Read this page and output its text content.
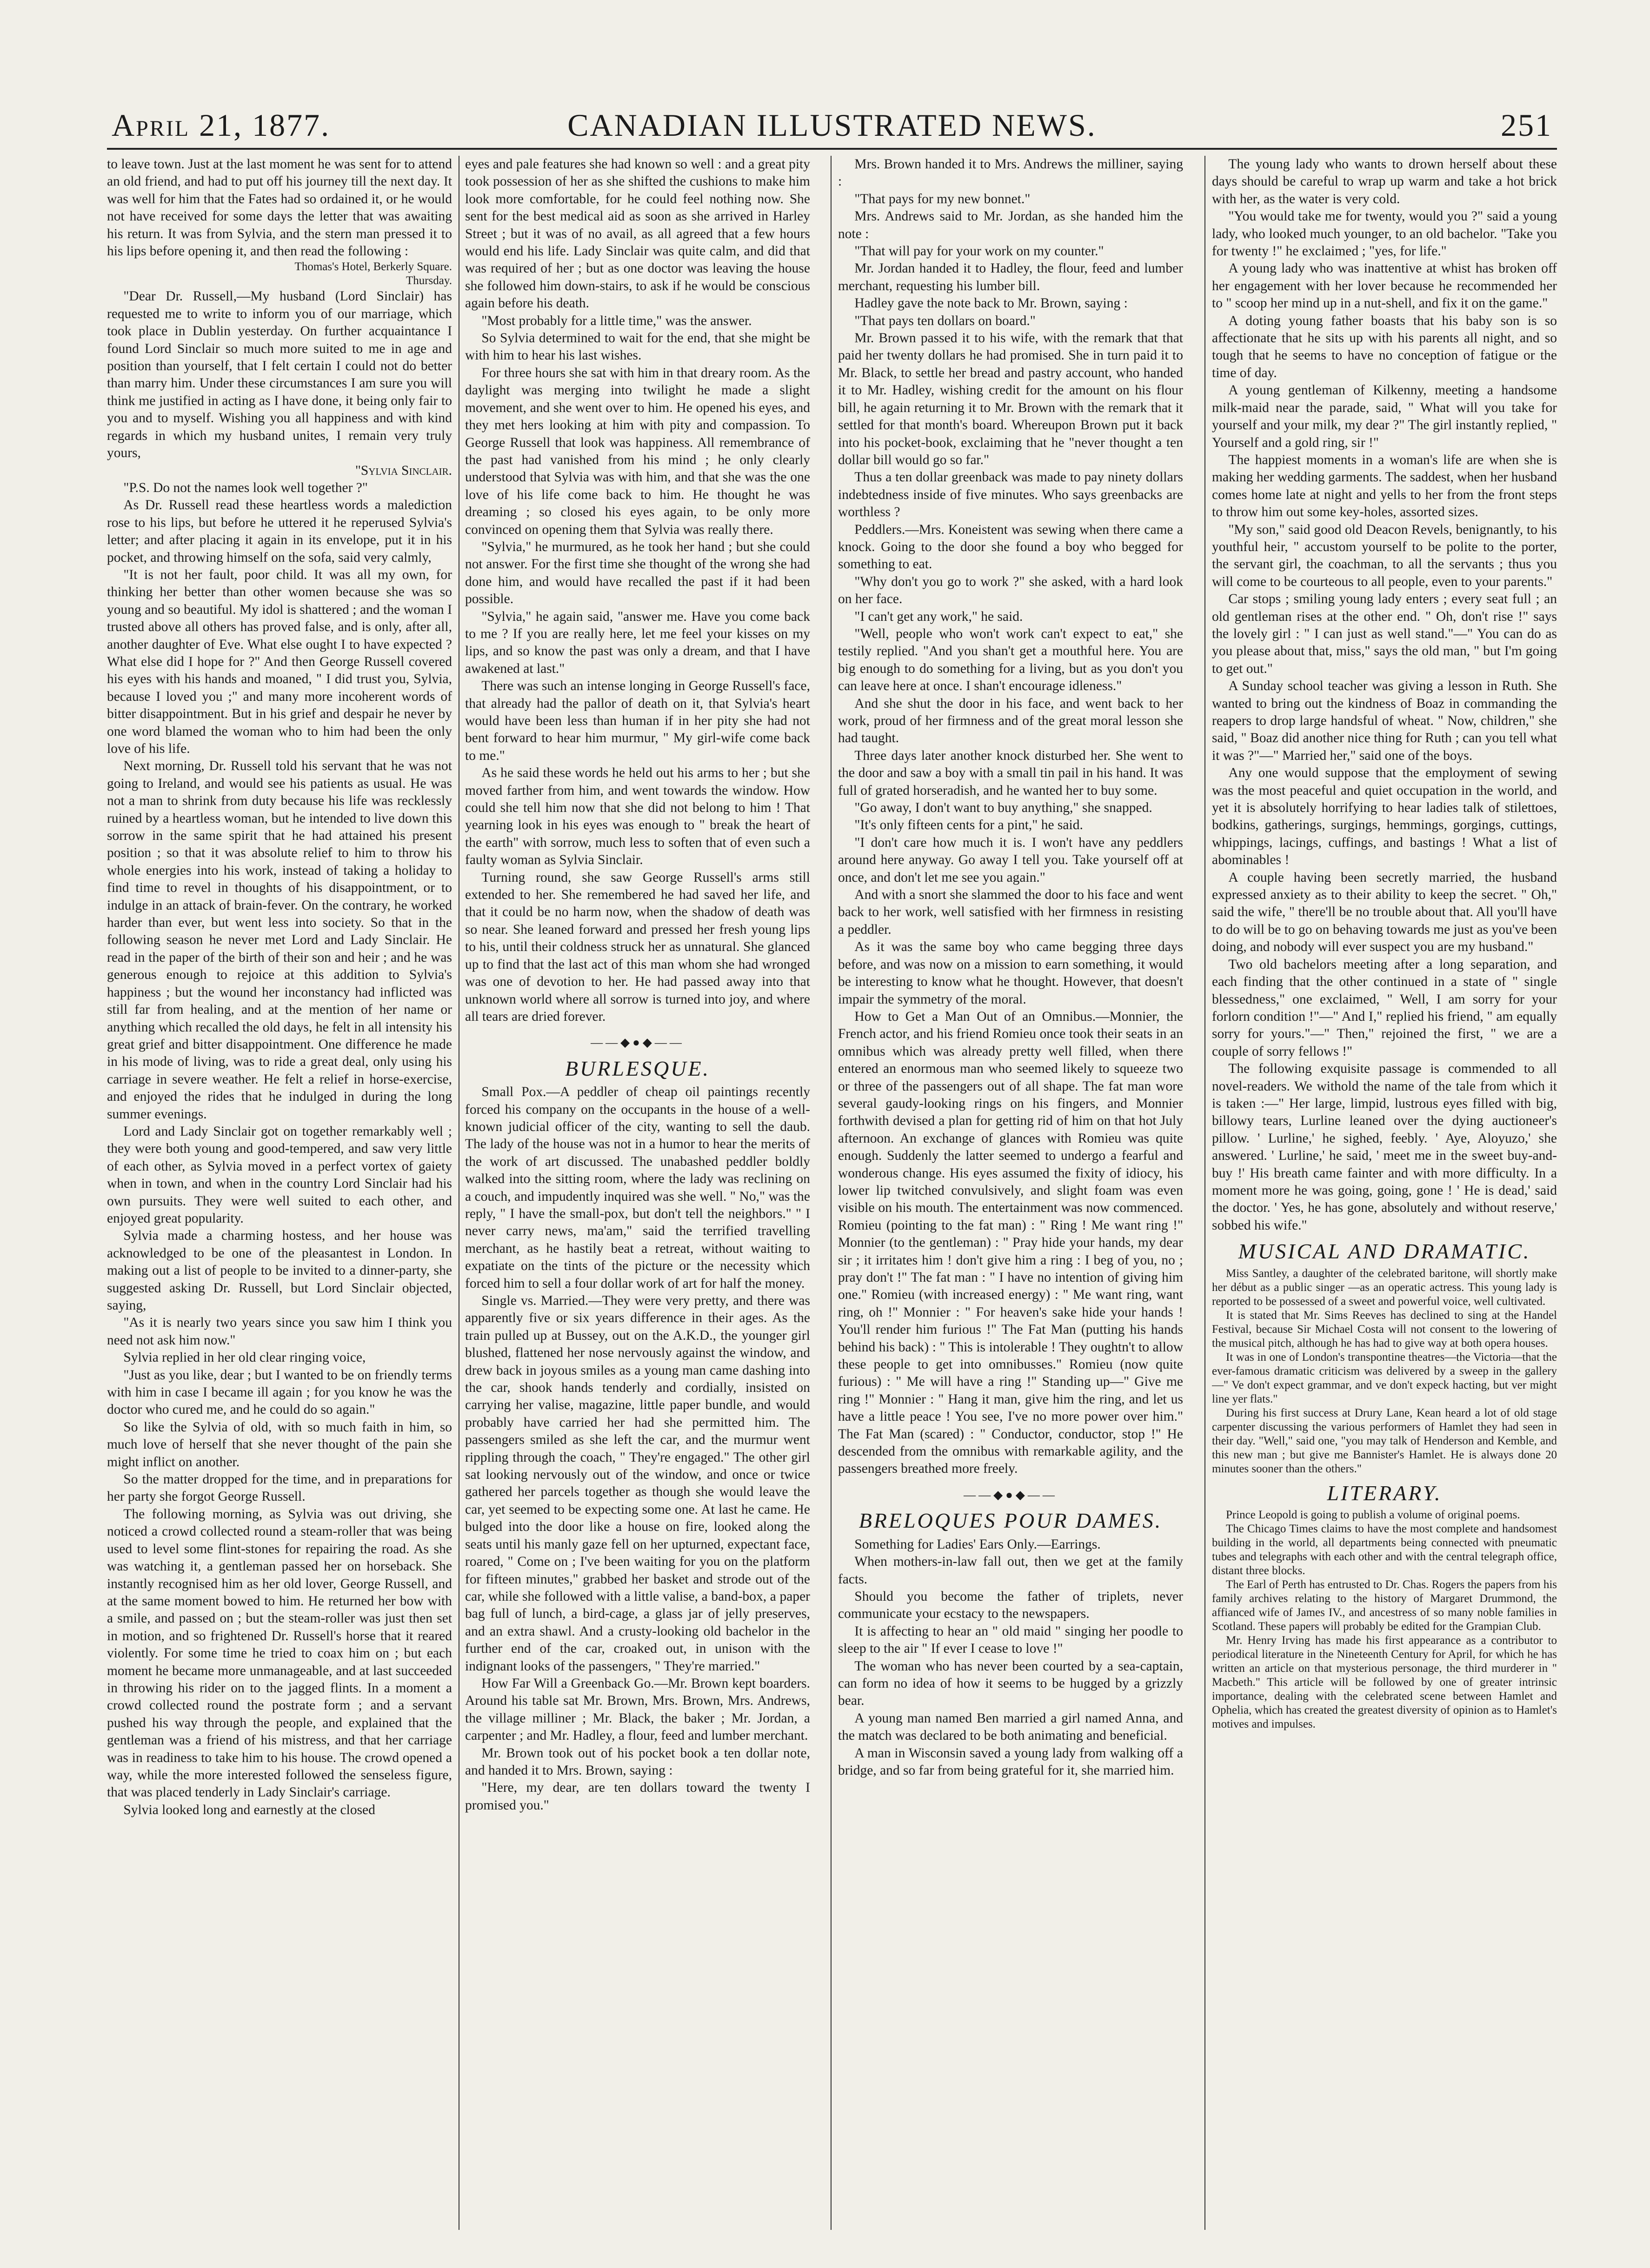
April 21, 1877.	CANADIAN ILLUSTRATED NEWS.	251

to leave town. Just at the last moment he was sent for to attend an old friend, and had to put off his journey till the next day. It was well for him that the Fates had so ordained it, or he would not have received for some days the letter that was awaiting his return. It was from Sylvia, and the stern man pressed it to his lips before opening it, and then read the following :

Thomas's Hotel, Berkerly Square.

Thursday.

"Dear Dr. Russell,—My husband (Lord Sinclair) has requested me to write to inform you of our marriage, which took place in Dublin yesterday. On further acquaintance I found Lord Sinclair so much more suited to me in age and position than yourself, that I felt certain I could not do better than marry him. Under these circumstances I am sure you will think me justified in acting as I have done, it being only fair to you and to myself. Wishing you all happiness and with kind regards in which my husband unites, I remain very truly yours,

"Sylvia Sinclair.

"P.S. Do not the names look well together ?"

As Dr. Russell read these heartless words a malediction rose to his lips, but before he uttered it he reperused Sylvia's letter; and after placing it again in its envelope, put it in his pocket, and throwing himself on the sofa, said very calmly,

"It is not her fault, poor child. It was all my own, for thinking her better than other women because she was so young and so beautiful. My idol is shattered ; and the woman I trusted above all others has proved false, and is only, after all, another daughter of Eve. What else ought I to have expected ? What else did I hope for ?" And then George Russell covered his eyes with his hands and moaned, " I did trust you, Sylvia, because I loved you ;" and many more incoherent words of bitter disappointment. But in his grief and despair he never by one word blamed the woman who to him had been the only love of his life.

Next morning, Dr. Russell told his servant that he was not going to Ireland, and would see his patients as usual. He was not a man to shrink from duty because his life was recklessly ruined by a heartless woman, but he intended to live down this sorrow in the same spirit that he had attained his present position ; so that it was absolute relief to him to throw his whole energies into his work, instead of taking a holiday to find time to revel in thoughts of his disappointment, or to indulge in an attack of brain-fever. On the contrary, he worked harder than ever, but went less into society. So that in the following season he never met Lord and Lady Sinclair. He read in the paper of the birth of their son and heir ; and he was generous enough to rejoice at this addition to Sylvia's happiness ; but the wound her inconstancy had inflicted was still far from healing, and at the mention of her name or anything which recalled the old days, he felt in all intensity his great grief and bitter disappointment. One difference he made in his mode of living, was to ride a great deal, only using his carriage in severe weather. He felt a relief in horse-exercise, and enjoyed the rides that he indulged in during the long summer evenings.

Lord and Lady Sinclair got on together remarkably well ; they were both young and good-tempered, and saw very little of each other, as Sylvia moved in a perfect vortex of gaiety when in town, and when in the country Lord Sinclair had his own pursuits. They were well suited to each other, and enjoyed great popularity.

Sylvia made a charming hostess, and her house was acknowledged to be one of the pleasantest in London. In making out a list of people to be invited to a dinner-party, she suggested asking Dr. Russell, but Lord Sinclair objected, saying,

"As it is nearly two years since you saw him I think you need not ask him now."

Sylvia replied in her old clear ringing voice,

"Just as you like, dear ; but I wanted to be on friendly terms with him in case I became ill again ; for you know he was the doctor who cured me, and he could do so again."

So like the Sylvia of old, with so much faith in him, so much love of herself that she never thought of the pain she might inflict on another.

So the matter dropped for the time, and in preparations for her party she forgot George Russell.

The following morning, as Sylvia was out driving, she noticed a crowd collected round a steam-roller that was being used to level some flint-stones for repairing the road. As she was watching it, a gentleman passed her on horseback. She instantly recognised him as her old lover, George Russell, and at the same moment bowed to him. He returned her bow with a smile, and passed on ; but the steam-roller was just then set in motion, and so frightened Dr. Russell's horse that it reared violently. For some time he tried to coax him on ; but each moment he became more unmanageable, and at last succeeded in throwing his rider on to the jagged flints. In a moment a crowd collected round the postrate form ; and a servant pushed his way through the people, and explained that the gentleman was a friend of his mistress, and that her carriage was in readiness to take him to his house. The crowd opened a way, while the more interested followed the senseless figure, that was placed tenderly in Lady Sinclair's carriage.

Sylvia looked long and earnestly at the closed

eyes and pale features she had known so well : and a great pity took possession of her as she shifted the cushions to make him look more comfortable, for he could feel nothing now. She sent for the best medical aid as soon as she arrived in Harley Street ; but it was of no avail, as all agreed that a few hours would end his life. Lady Sinclair was quite calm, and did that was required of her ; but as one doctor was leaving the house she followed him down-stairs, to ask if he would be conscious again before his death.

"Most probably for a little time," was the answer.

So Sylvia determined to wait for the end, that she might be with him to hear his last wishes.

For three hours she sat with him in that dreary room. As the daylight was merging into twilight he made a slight movement, and she went over to him. He opened his eyes, and they met hers looking at him with pity and compassion. To George Russell that look was happiness. All remembrance of the past had vanished from his mind ; he only clearly understood that Sylvia was with him, and that she was the one love of his life come back to him. He thought he was dreaming ; so closed his eyes again, to be only more convinced on opening them that Sylvia was really there.

"Sylvia," he murmured, as he took her hand ; but she could not answer. For the first time she thought of the wrong she had done him, and would have recalled the past if it had been possible.

"Sylvia," he again said, "answer me. Have you come back to me ? If you are really here, let me feel your kisses on my lips, and so know the past was only a dream, and that I have awakened at last."

There was such an intense longing in George Russell's face, that already had the pallor of death on it, that Sylvia's heart would have been less than human if in her pity she had not bent forward to hear him murmur, " My girl-wife come back to me."

As he said these words he held out his arms to her ; but she moved farther from him, and went towards the window. How could she tell him now that she did not belong to him ! That yearning look in his eyes was enough to " break the heart of the earth" with sorrow, much less to soften that of even such a faulty woman as Sylvia Sinclair.

Turning round, she saw George Russell's arms still extended to her. She remembered he had saved her life, and that it could be no harm now, when the shadow of death was so near. She leaned forward and pressed her fresh young lips to his, until their coldness struck her as unnatural. She glanced up to find that the last act of this man whom she had wronged was one of devotion to her. He had passed away into that unknown world where all sorrow is turned into joy, and where all tears are dried forever.

——◆●◆——
BURLESQUE.

Small Pox.—A peddler of cheap oil paintings recently forced his company on the occupants in the house of a well-known judicial officer of the city, wanting to sell the daub. The lady of the house was not in a humor to hear the merits of the work of art discussed. The unabashed peddler boldly walked into the sitting room, where the lady was reclining on a couch, and impudently inquired was she well. " No," was the reply, " I have the small-pox, but don't tell the neighbors." " I never carry news, ma'am," said the terrified travelling merchant, as he hastily beat a retreat, without waiting to expatiate on the tints of the picture or the necessity which forced him to sell a four dollar work of art for half the money.

Single vs. Married.—They were very pretty, and there was apparently five or six years difference in their ages. As the train pulled up at Bussey, out on the A.K.D., the younger girl blushed, flattened her nose nervously against the window, and drew back in joyous smiles as a young man came dashing into the car, shook hands tenderly and cordially, insisted on carrying her valise, magazine, little paper bundle, and would probably have carried her had she permitted him. The passengers smiled as she left the car, and the murmur went rippling through the coach, " They're engaged." The other girl sat looking nervously out of the window, and once or twice gathered her parcels together as though she would leave the car, yet seemed to be expecting some one. At last he came. He bulged into the door like a house on fire, looked along the seats until his manly gaze fell on her upturned, expectant face, roared, " Come on ; I've been waiting for you on the platform for fifteen minutes," grabbed her basket and strode out of the car, while she followed with a little valise, a band-box, a paper bag full of lunch, a bird-cage, a glass jar of jelly preserves, and an extra shawl. And a crusty-looking old bachelor in the further end of the car, croaked out, in unison with the indignant looks of the passengers, " They're married."

How Far Will a Greenback Go.—Mr. Brown kept boarders. Around his table sat Mr. Brown, Mrs. Brown, Mrs. Andrews, the village milliner ; Mr. Black, the baker ; Mr. Jordan, a carpenter ; and Mr. Hadley, a flour, feed and lumber merchant.

Mr. Brown took out of his pocket book a ten dollar note, and handed it to Mrs. Brown, saying :

"Here, my dear, are ten dollars toward the twenty I promised you."

Mrs. Brown handed it to Mrs. Andrews the milliner, saying :

"That pays for my new bonnet."

Mrs. Andrews said to Mr. Jordan, as she handed him the note :

"That will pay for your work on my counter."

Mr. Jordan handed it to Hadley, the flour, feed and lumber merchant, requesting his lumber bill.

Hadley gave the note back to Mr. Brown, saying :

"That pays ten dollars on board."

Mr. Brown passed it to his wife, with the remark that that paid her twenty dollars he had promised. She in turn paid it to Mr. Black, to settle her bread and pastry account, who handed it to Mr. Hadley, wishing credit for the amount on his flour bill, he again returning it to Mr. Brown with the remark that it settled for that month's board. Whereupon Brown put it back into his pocket-book, exclaiming that he "never thought a ten dollar bill would go so far."

Thus a ten dollar greenback was made to pay ninety dollars indebtedness inside of five minutes. Who says greenbacks are worthless ?

Peddlers.—Mrs. Koneistent was sewing when there came a knock. Going to the door she found a boy who begged for something to eat.

"Why don't you go to work ?" she asked, with a hard look on her face.

"I can't get any work," he said.

"Well, people who won't work can't expect to eat," she testily replied. "And you shan't get a mouthful here. You are big enough to do something for a living, but as you don't you can leave here at once. I shan't encourage idleness."

And she shut the door in his face, and went back to her work, proud of her firmness and of the great moral lesson she had taught.

Three days later another knock disturbed her. She went to the door and saw a boy with a small tin pail in his hand. It was full of grated horseradish, and he wanted her to buy some.

"Go away, I don't want to buy anything," she snapped.

"It's only fifteen cents for a pint," he said.

"I don't care how much it is. I won't have any peddlers around here anyway. Go away I tell you. Take yourself off at once, and don't let me see you again."

And with a snort she slammed the door to his face and went back to her work, well satisfied with her firmness in resisting a peddler.

As it was the same boy who came begging three days before, and was now on a mission to earn something, it would be interesting to know what he thought. However, that doesn't impair the symmetry of the moral.

How to Get a Man Out of an Omnibus.—Monnier, the French actor, and his friend Romieu once took their seats in an omnibus which was already pretty well filled, when there entered an enormous man who seemed likely to squeeze two or three of the passengers out of all shape. The fat man wore several gaudy-looking rings on his fingers, and Monnier forthwith devised a plan for getting rid of him on that hot July afternoon. An exchange of glances with Romieu was quite enough. Suddenly the latter seemed to undergo a fearful and wonderous change. His eyes assumed the fixity of idiocy, his lower lip twitched convulsively, and slight foam was even visible on his mouth. The entertainment was now commenced. Romieu (pointing to the fat man) : " Ring ! Me want ring !" Monnier (to the gentleman) : " Pray hide your hands, my dear sir ; it irritates him ! don't give him a ring : I beg of you, no ; pray don't !" The fat man : " I have no intention of giving him one." Romieu (with increased energy) : " Me want ring, want ring, oh !" Monnier : " For heaven's sake hide your hands ! You'll render him furious !" The Fat Man (putting his hands behind his back) : " This is intolerable ! They oughtn't to allow these people to get into omnibusses." Romieu (now quite furious) : " Me will have a ring !" Standing up—" Give me ring !" Monnier : " Hang it man, give him the ring, and let us have a little peace ! You see, I've no more power over him." The Fat Man (scared) : " Conductor, conductor, stop !" He descended from the omnibus with remarkable agility, and the passengers breathed more freely.

——◆●◆——
BRELOQUES POUR DAMES.

Something for Ladies' Ears Only.—Earrings.

When mothers-in-law fall out, then we get at the family facts.

Should you become the father of triplets, never communicate your ecstacy to the newspapers.

It is affecting to hear an " old maid " singing her poodle to sleep to the air " If ever I cease to love !"

The woman who has never been courted by a sea-captain, can form no idea of how it seems to be hugged by a grizzly bear.

A young man named Ben married a girl named Anna, and the match was declared to be both animating and beneficial.

A man in Wisconsin saved a young lady from walking off a bridge, and so far from being grateful for it, she married him.

The young lady who wants to drown herself about these days should be careful to wrap up warm and take a hot brick with her, as the water is very cold.

"You would take me for twenty, would you ?" said a young lady, who looked much younger, to an old bachelor. "Take you for twenty !" he exclaimed ; "yes, for life."

A young lady who was inattentive at whist has broken off her engagement with her lover because he recommended her to " scoop her mind up in a nut-shell, and fix it on the game."

A doting young father boasts that his baby son is so affectionate that he sits up with his parents all night, and so tough that he seems to have no conception of fatigue or the time of day.

A young gentleman of Kilkenny, meeting a handsome milk-maid near the parade, said, " What will you take for yourself and your milk, my dear ?" The girl instantly replied, " Yourself and a gold ring, sir !"

The happiest moments in a woman's life are when she is making her wedding garments. The saddest, when her husband comes home late at night and yells to her from the front steps to throw him out some key-holes, assorted sizes.

"My son," said good old Deacon Revels, benignantly, to his youthful heir, " accustom yourself to be polite to the porter, the servant girl, the coachman, to all the servants ; thus you will come to be courteous to all people, even to your parents."

Car stops ; smiling young lady enters ; every seat full ; an old gentleman rises at the other end. " Oh, don't rise !" says the lovely girl : " I can just as well stand."—" You can do as you please about that, miss," says the old man, " but I'm going to get out."

A Sunday school teacher was giving a lesson in Ruth. She wanted to bring out the kindness of Boaz in commanding the reapers to drop large handsful of wheat. " Now, children," she said, " Boaz did another nice thing for Ruth ; can you tell what it was ?"—" Married her," said one of the boys.

Any one would suppose that the employment of sewing was the most peaceful and quiet occupation in the world, and yet it is absolutely horrifying to hear ladies talk of stilettoes, bodkins, gatherings, surgings, hemmings, gorgings, cuttings, whippings, lacings, cuffings, and bastings ! What a list of abominables !

A couple having been secretly married, the husband expressed anxiety as to their ability to keep the secret. " Oh," said the wife, " there'll be no trouble about that. All you'll have to do will be to go on behaving towards me just as you've been doing, and nobody will ever suspect you are my husband."

Two old bachelors meeting after a long separation, and each finding that the other continued in a state of " single blessedness," one exclaimed, " Well, I am sorry for your forlorn condition !"—" And I," replied his friend, " am equally sorry for yours."—" Then," rejoined the first, " we are a couple of sorry fellows !"

The following exquisite passage is commended to all novel-readers. We withold the name of the tale from which it is taken :—" Her large, limpid, lustrous eyes filled with big, billowy tears, Lurline leaned over the dying auctioneer's pillow. ' Lurline,' he sighed, feebly. ' Aye, Aloyuzo,' she answered. ' Lurline,' he said, ' meet me in the sweet buy-and-buy !' His breath came fainter and with more difficulty. In a moment more he was going, going, gone ! ' He is dead,' said the doctor. ' Yes, he has gone, absolutely and without reserve,' sobbed his wife."

MUSICAL AND DRAMATIC.

Miss Santley, a daughter of the celebrated baritone, will shortly make her début as a public singer —as an operatic actress. This young lady is reported to be possessed of a sweet and powerful voice, well cultivated.

It is stated that Mr. Sims Reeves has declined to sing at the Handel Festival, because Sir Michael Costa will not consent to the lowering of the musical pitch, although he has had to give way at both opera houses.

It was in one of London's transpontine theatres—the Victoria—that the ever-famous dramatic criticism was delivered by a sweep in the gallery—" Ve don't expect grammar, and ve don't expeck hacting, but ver might line yer flats."

During his first success at Drury Lane, Kean heard a lot of old stage carpenter discussing the various performers of Hamlet they had seen in their day. "Well," said one, "you may talk of Henderson and Kemble, and this new man ; but give me Bannister's Hamlet. He is always done 20 minutes sooner than the others."

LITERARY.

Prince Leopold is going to publish a volume of original poems.

The Chicago Times claims to have the most complete and handsomest building in the world, all departments being connected with pneumatic tubes and telegraphs with each other and with the central telegraph office, distant three blocks.

The Earl of Perth has entrusted to Dr. Chas. Rogers the papers from his family archives relating to the history of Margaret Drummond, the affianced wife of James IV., and ancestress of so many noble families in Scotland. These papers will probably be edited for the Grampian Club.

Mr. Henry Irving has made his first appearance as a contributor to periodical literature in the Nineteenth Century for April, for which he has written an article on that mysterious personage, the third murderer in " Macbeth." This article will be followed by one of greater intrinsic importance, dealing with the celebrated scene between Hamlet and Ophelia, which has created the greatest diversity of opinion as to Hamlet's motives and impulses.
